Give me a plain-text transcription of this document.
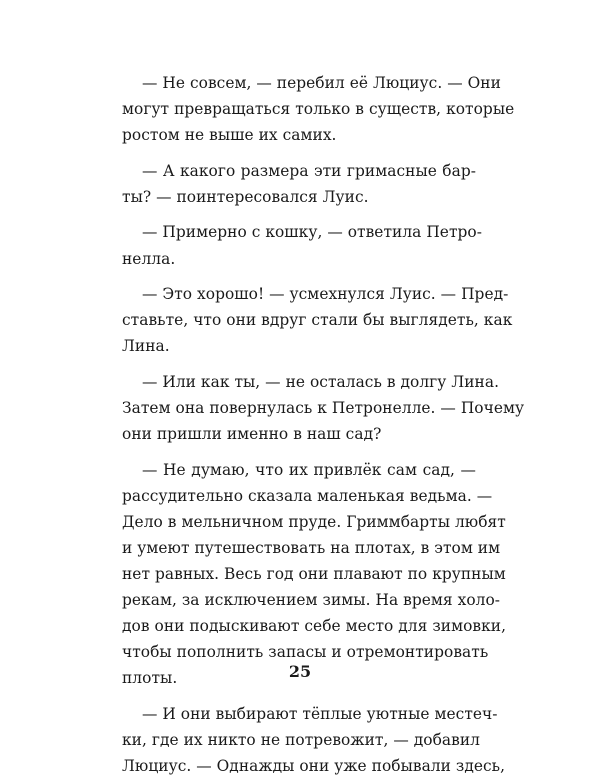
— Не совсем, — перебил её Люциус. — Они
могут превращаться только в существ, которые
ростом не выше их самих.
— А какого размера эти гримасные бар-
ты? — поинтересовался Луис.
— Примерно с кошку, — ответила Петро-
нелла.
— Это хорошо! — усмехнулся Луис. — Пред-
ставьте, что они вдруг стали бы выглядеть, как
Лина.
— Или как ты, — не осталась в долгу Лина.
Затем она повернулась к Петронелле. — Почему
они пришли именно в наш сад?
— Не думаю, что их привлёк сам сад, —
рассудительно сказала маленькая ведьма. —
Дело в мельничном пруде. Гриммбарты любят
и умеют путешествовать на плотах, в этом им
нет равных. Весь год они плавают по крупным
рекам, за исключением зимы. На время холо-
дов они подыскивают себе место для зимовки,
чтобы пополнить запасы и отремонтировать
плоты.
— И они выбирают тёплые уютные местеч-
ки, где их никто не потревожит, — добавил
Люциус. — Однажды они уже побывали здесь,
25
